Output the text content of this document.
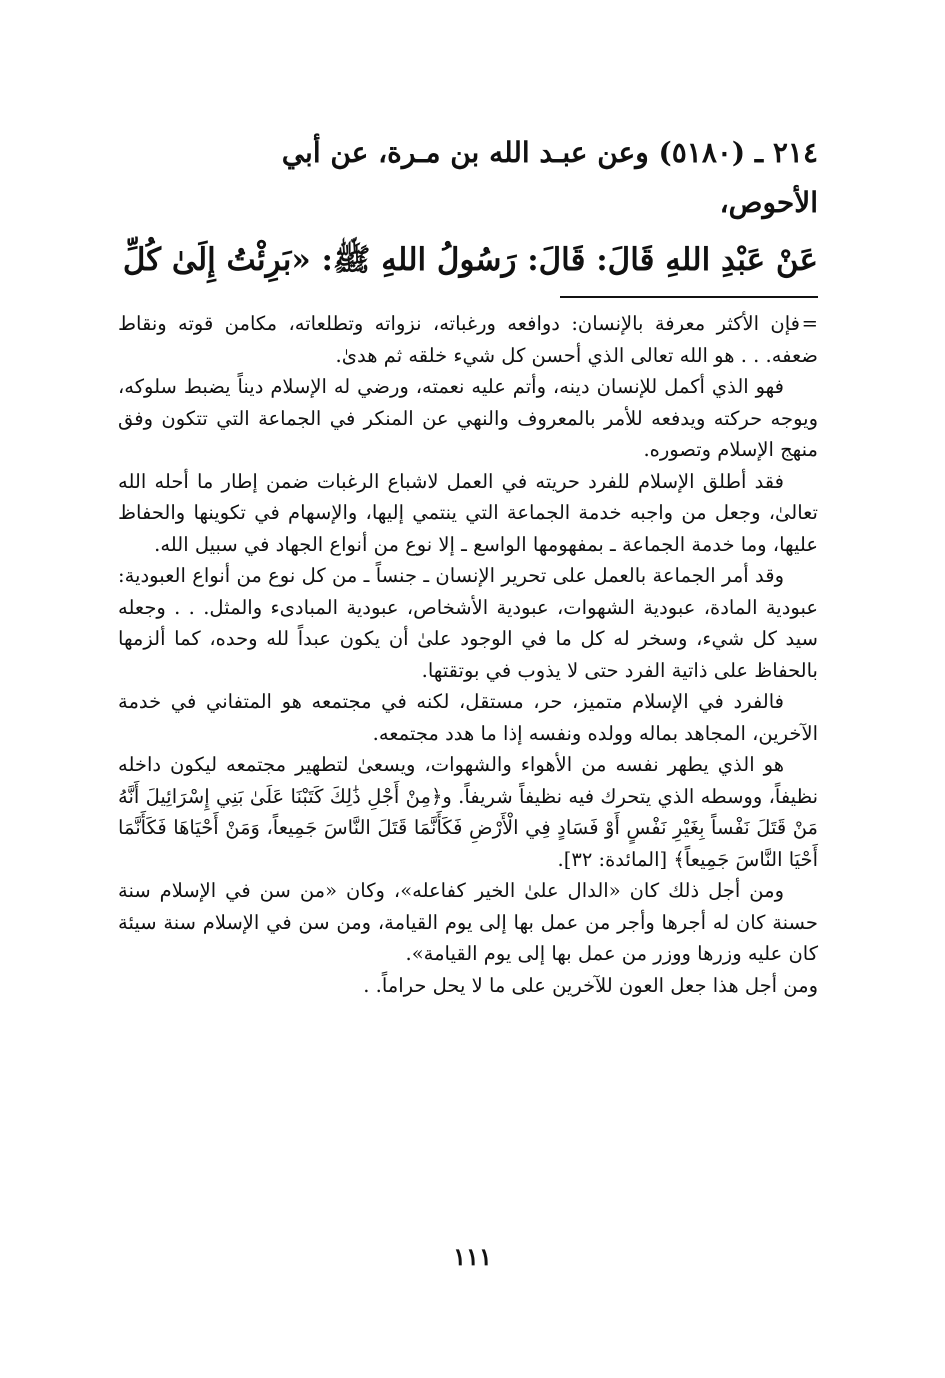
٢١٤ ـ (٥١٨٠) وعن عبـد الله بن مـرة، عن أبي
الأحوص،

عَنْ عَبْدِ اللهِ قَالَ: قَالَ: رَسُولُ اللهِ ﷺ: «بَرِئْتُ إِلَىٰ كُلِّ

=فإن الأكثر معرفة بالإنسان: دوافعه ورغباته، نزواته وتطلعاته، مكامن قوته ونقاط ضعفه. . . هو الله تعالى الذي أحسن كل شيء خلقه ثم هدىٰ.

فهو الذي أكمل للإنسان دينه، وأتم عليه نعمته، ورضي له الإسلام ديناً يضبط سلوكه، ويوجه حركته ويدفعه للأمر بالمعروف والنهي عن المنكر في الجماعة التي تتكون وفق منهج الإسلام وتصوره.

فقد أطلق الإسلام للفرد حريته في العمل لاشباع الرغبات ضمن إطار ما أحله الله تعالىٰ، وجعل من واجبه خدمة الجماعة التي ينتمي إليها، والإسهام في تكوينها والحفاظ عليها، وما خدمة الجماعة ـ بمفهومها الواسع ـ إلا نوع من أنواع الجهاد في سبيل الله.

وقد أمر الجماعة بالعمل على تحرير الإنسان ـ جنساً ـ من كل نوع من أنواع العبودية: عبودية المادة، عبودية الشهوات، عبودية الأشخاص، عبودية المبادىء والمثل. . . وجعله سيد كل شيء، وسخر له كل ما في الوجود علىٰ أن يكون عبداً لله وحده، كما ألزمها بالحفاظ على ذاتية الفرد حتى لا يذوب في بوتقتها.

فالفرد في الإسلام متميز، حر، مستقل، لكنه في مجتمعه هو المتفاني في خدمة الآخرين، المجاهد بماله وولده ونفسه إذا ما هدد مجتمعه.

هو الذي يطهر نفسه من الأهواء والشهوات، ويسعىٰ لتطهير مجتمعه ليكون داخله نظيفاً، ووسطه الذي يتحرك فيه نظيفاً شريفاً. و﴿مِنْ أَجْلِ ذَٰلِكَ كَتَبْنَا عَلَىٰ بَنِي إِسْرَائِيلَ أَنَّهُ مَنْ قَتَلَ نَفْساً بِغَيْرِ نَفْسٍ أَوْ فَسَادٍ فِي الْأَرْضِ فَكَأَنَّمَا قَتَلَ النَّاسَ جَمِيعاً، وَمَنْ أَحْيَاهَا فَكَأَنَّمَا أَحْيَا النَّاسَ جَمِيعاً﴾ [المائدة: ٣٢].

ومن أجل ذلك كان «الدال علىٰ الخير كفاعله»، وكان «من سن في الإسلام سنة حسنة كان له أجرها وأجر من عمل بها إلى يوم القيامة، ومن سن في الإسلام سنة سيئة كان عليه وزرها ووزر من عمل بها إلى يوم القيامة».

ومن أجل هذا جعل العون للآخرين على ما لا يحل حراماً. .

١١١
